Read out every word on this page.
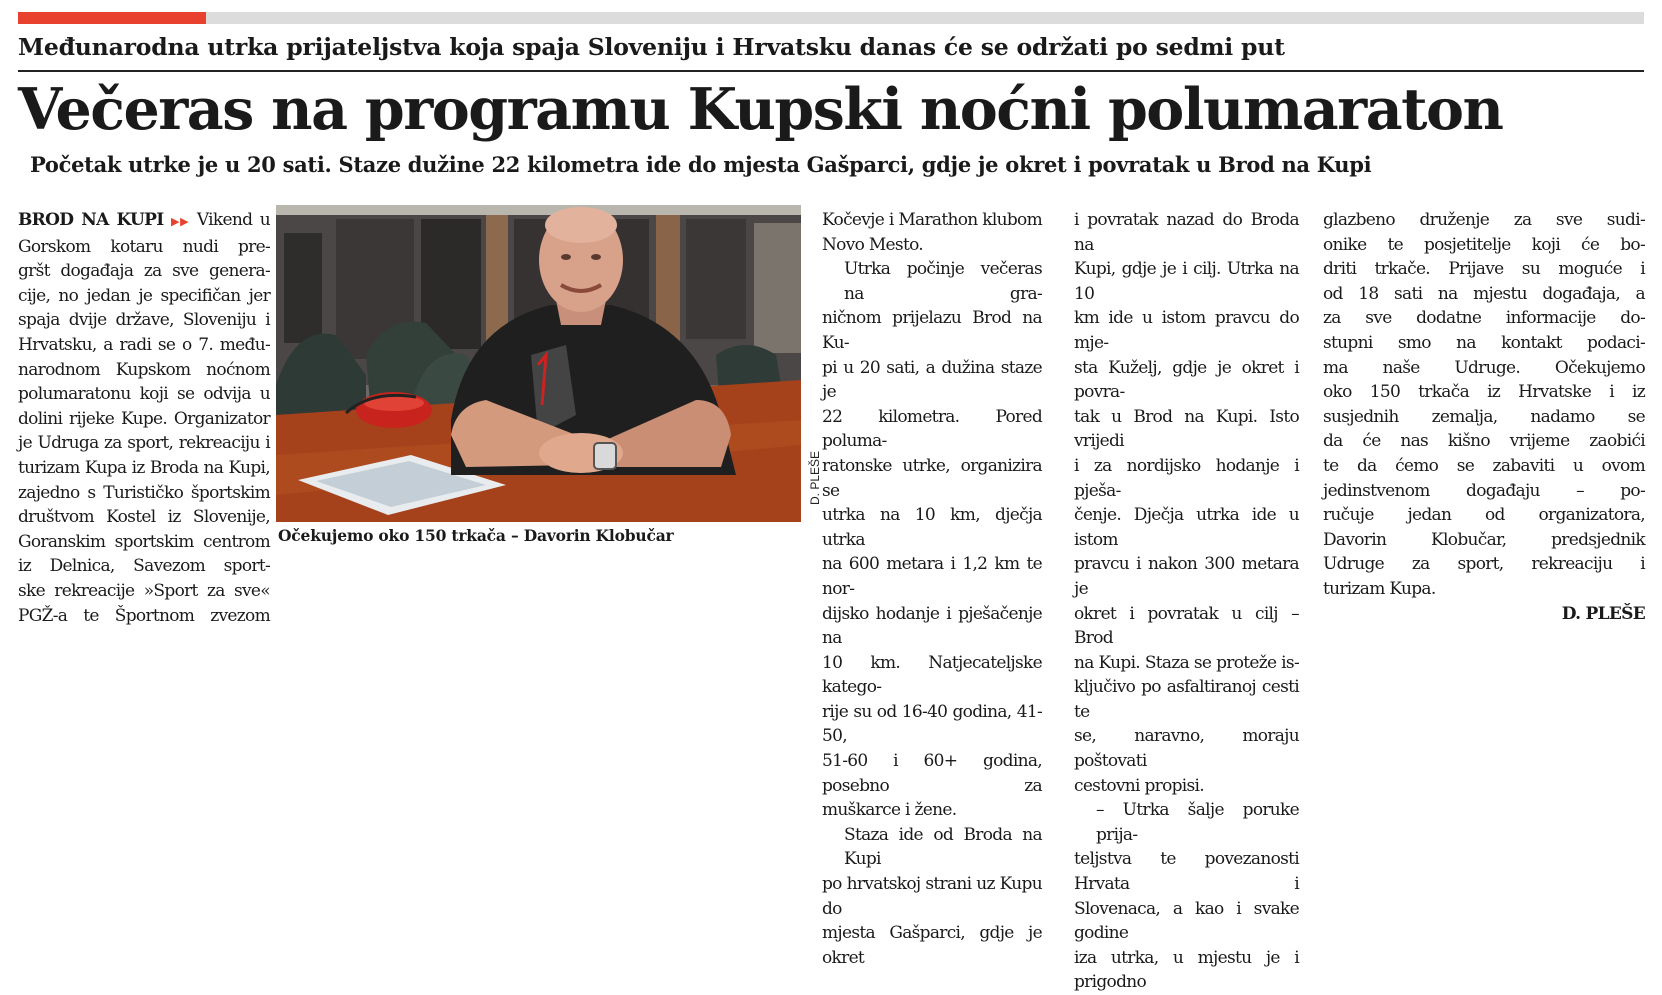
Međunarodna utrka prijateljstva koja spaja Sloveniju i Hrvatsku danas će se održati po sedmi put
Večeras na programu Kupski noćni polumaraton
Početak utrke je u 20 sati. Staze dužine 22 kilometra ide do mjesta Gašparci, gdje je okret i povratak u Brod na Kupi
BROD NA KUPI ▶▶ Vikend u
Gorskom kotaru nudi pre-
gršt događaja za sve genera-
cije, no jedan je specifičan jer
spaja dvije države, Sloveniju i
Hrvatsku, a radi se o 7. među-
narodnom Kupskom noćnom
polumaratonu koji se odvija u
dolini rijeke Kupe. Organizator
je Udruga za sport, rekreaciju i
turizam Kupa iz Broda na Kupi,
zajedno s Turističko športskim
društvom Kostel iz Slovenije,
Goranskim sportskim centrom
iz Delnica, Savezom sport-
ske rekreacije »Sport za sve«
PGŽ-a te Športnom zvezom
D. PLEŠE
Očekujemo oko 150 trkača – Davorin Klobučar
Kočevje i Marathon klubom
Novo Mesto.
Utrka počinje večeras na gra-
ničnom prijelazu Brod na Ku-
pi u 20 sati, a dužina staze je
22 kilometra. Pored poluma-
ratonske utrke, organizira se
utrka na 10 km, dječja utrka
na 600 metara i 1,2 km te nor-
dijsko hodanje i pješačenje na
10 km. Natjecateljske katego-
rije su od 16-40 godina, 41-50,
51-60 i 60+ godina, posebno za
muškarce i žene.
Staza ide od Broda na Kupi
po hrvatskoj strani uz Kupu do
mjesta Gašparci, gdje je okret
i povratak nazad do Broda na
Kupi, gdje je i cilj. Utrka na 10
km ide u istom pravcu do mje-
sta Kuželj, gdje je okret i povra-
tak u Brod na Kupi. Isto vrijedi
i za nordijsko hodanje i pješa-
čenje. Dječja utrka ide u istom
pravcu i nakon 300 metara je
okret i povratak u cilj – Brod
na Kupi. Staza se proteže is-
ključivo po asfaltiranoj cesti te
se, naravno, moraju poštovati
cestovni propisi.
– Utrka šalje poruke prija-
teljstva te povezanosti Hrvata i
Slovenaca, a kao i svake godine
iza utrka, u mjestu je i prigodno
glazbeno druženje za sve sudi-
onike te posjetitelje koji će bo-
driti trkače. Prijave su moguće i
od 18 sati na mjestu događaja, a
za sve dodatne informacije do-
stupni smo na kontakt podaci-
ma naše Udruge. Očekujemo
oko 150 trkača iz Hrvatske i iz
susjednih zemalja, nadamo se
da će nas kišno vrijeme zaobići
te da ćemo se zabaviti u ovom
jedinstvenom događaju – po-
ručuje jedan od organizatora,
Davorin Klobučar, predsjednik
Udruge za sport, rekreaciju i
turizam Kupa.
D. PLEŠE
